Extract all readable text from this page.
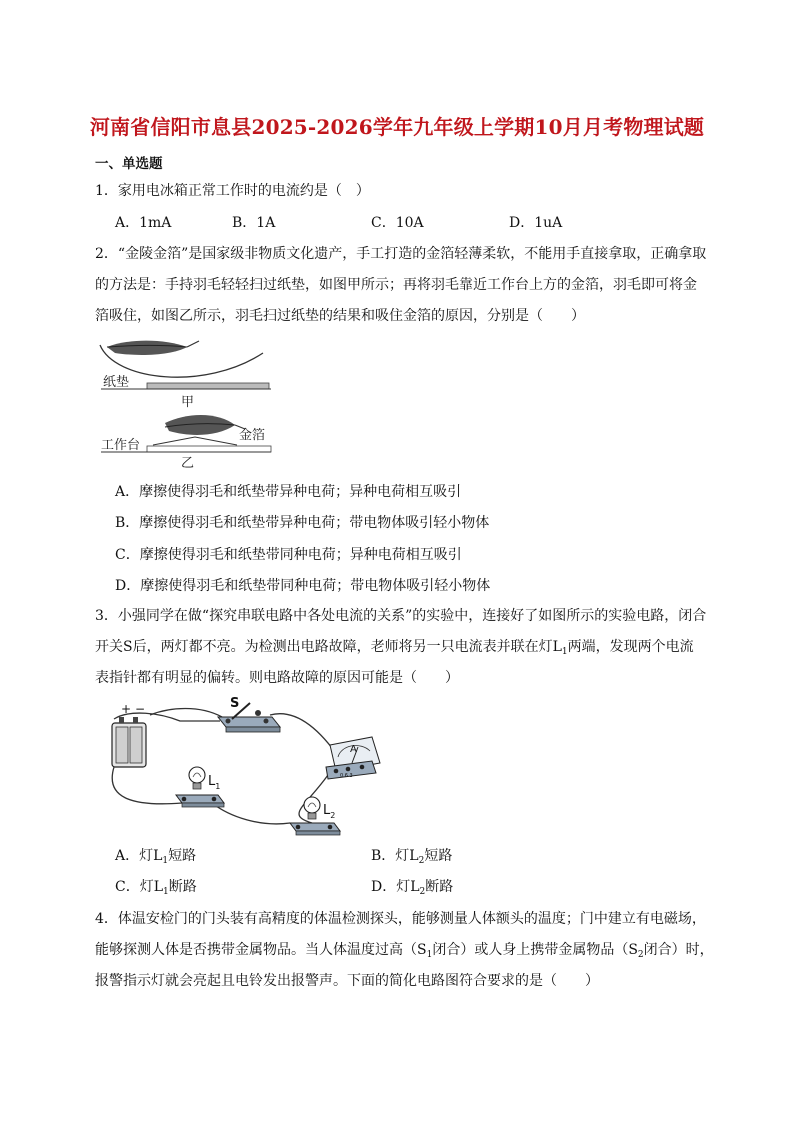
河南省信阳市息县2025-2026学年九年级上学期10月月考物理试题
一、单选题
1．家用电冰箱正常工作时的电流约是（　）
A．1mA	B．1A	C．10A	D．1uA
2．“金陵金箔”是国家级非物质文化遗产，手工打造的金箔轻薄柔软，不能用手直接拿取，正确拿取
的方法是：手持羽毛轻轻扫过纸垫，如图甲所示；再将羽毛靠近工作台上方的金箔，羽毛即可将金
箔吸住，如图乙所示，羽毛扫过纸垫的结果和吸住金箔的原因，分别是（　　）
纸垫
甲
金箔
工作台
乙
A．摩擦使得羽毛和纸垫带异种电荷；异种电荷相互吸引
B．摩擦使得羽毛和纸垫带异种电荷；带电物体吸引轻小物体
C．摩擦使得羽毛和纸垫带同种电荷；异种电荷相互吸引
D．摩擦使得羽毛和纸垫带同种电荷；带电物体吸引轻小物体
3．小强同学在做“探究串联电路中各处电流的关系”的实验中，连接好了如图所示的实验电路，闭合
开关S后，两灯都不亮。为检测出电路故障，老师将另一只电流表并联在灯$L_1$两端，发现两个电流
表指针都有明显的偏转。则电路故障的原因可能是（　　）
+ −	S
A
0.6 3
$L_1$
$L_2$
A．灯$L_1$短路	B．灯$L_2$短路
C．灯$L_1$断路	D．灯$L_2$断路
4．体温安检门的门头装有高精度的体温检测探头，能够测量人体额头的温度；门中建立有电磁场，
能够探测人体是否携带金属物品。当人体温度过高（$S_1$闭合）或人身上携带金属物品（$S_2$闭合）时，
报警指示灯就会亮起且电铃发出报警声。下面的简化电路图符合要求的是（　　）
